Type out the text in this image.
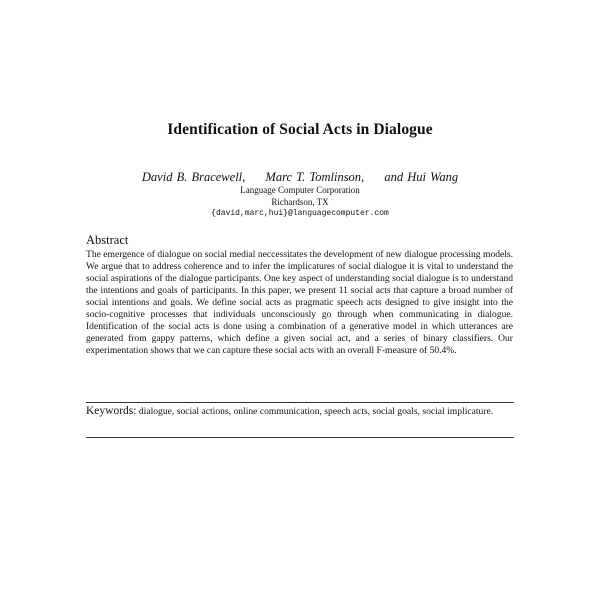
Identification of Social Acts in Dialogue
David B. Bracewell, Marc T. Tomlinson, and Hui Wang
Language Computer Corporation
Richardson, TX
{david,marc,hui}@languagecomputer.com
Abstract
The emergence of dialogue on social medial neccessitates the development of new dialogue processing models. We argue that to address coherence and to infer the implicatures of social dialogue it is vital to understand the social aspirations of the dialogue participants. One key aspect of understanding social dialogue is to understand the intentions and goals of participants. In this paper, we present 11 social acts that capture a broad number of social intentions and goals. We define social acts as pragmatic speech acts designed to give insight into the socio-cognitive processes that individuals unconsciously go through when communicating in dialogue. Identification of the social acts is done using a combination of a generative model in which utterances are generated from gappy patterns, which define a given social act, and a series of binary classifiers. Our experimentation shows that we can capture these social acts with an overall F-measure of 50.4%.
Keywords: dialogue, social actions, online communication, speech acts, social goals, social implicature.
